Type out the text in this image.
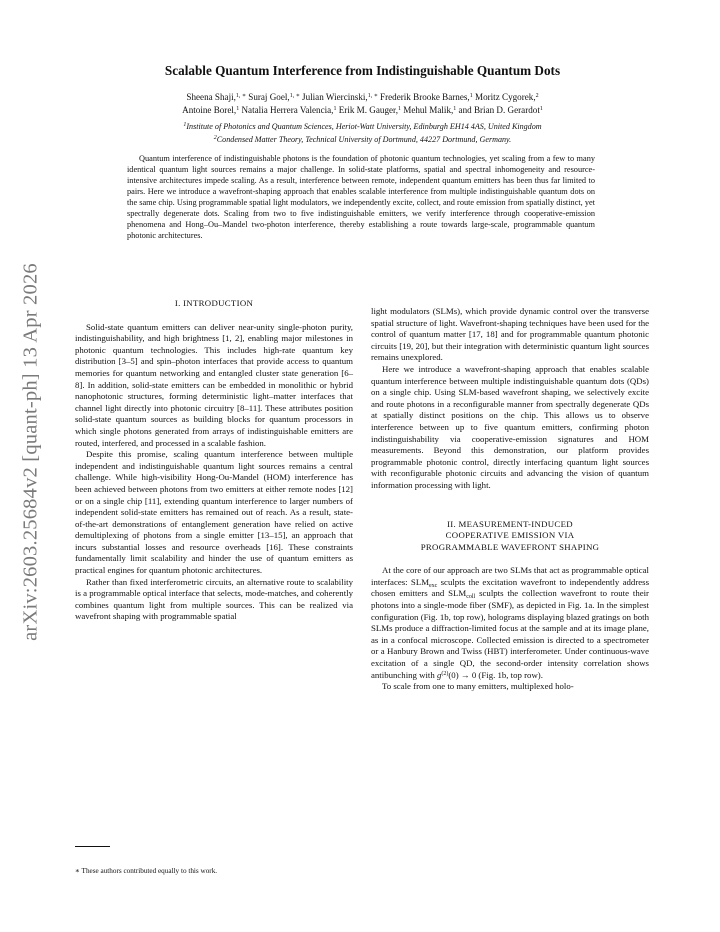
arXiv:2603.25684v2 [quant-ph] 13 Apr 2026
Scalable Quantum Interference from Indistinguishable Quantum Dots
Sheena Shaji,$^{1, ∗}$ Suraj Goel,$^{1, ∗}$ Julian Wiercinski,$^{1, ∗}$ Frederik Brooke Barnes,$^1$ Moritz Cygorek,$^2$
Antoine Borel,$^1$ Natalia Herrera Valencia,$^1$ Erik M. Gauger,$^1$ Mehul Malik,$^1$ and Brian D. Gerardot$^1$
$^1$Institute of Photonics and Quantum Sciences, Heriot-Watt University, Edinburgh EH14 4AS, United Kingdom
$^2$Condensed Matter Theory, Technical University of Dortmund, 44227 Dortmund, Germany.

Quantum interference of indistinguishable photons is the foundation of photonic quantum technologies, yet scaling from a few to many identical quantum light sources remains a major challenge. In solid-state platforms, spatial and spectral inhomogeneity and resource-intensive architectures impede scaling. As a result, interference between remote, independent quantum emitters has been thus far limited to pairs. Here we introduce a wavefront-shaping approach that enables scalable interference from multiple indistinguishable quantum dots on the same chip. Using programmable spatial light modulators, we independently excite, collect, and route emission from spatially distinct, yet spectrally degenerate dots. Scaling from two to five indistinguishable emitters, we verify interference through cooperative-emission phenomena and Hong–Ou–Mandel two-photon interference, thereby establishing a route towards large-scale, programmable quantum photonic architectures.

I. INTRODUCTION

Solid-state quantum emitters can deliver near-unity single-photon purity, indistinguishability, and high brightness [1, 2], enabling major milestones in photonic quantum technologies. This includes high-rate quantum key distribution [3–5] and spin–photon interfaces that provide access to quantum memories for quantum networking and entangled cluster state generation [6–8]. In addition, solid-state emitters can be embedded in monolithic or hybrid nanophotonic structures, forming deterministic light–matter interfaces that channel light directly into photonic circuitry [8–11]. These attributes position solid-state quantum sources as building blocks for quantum processors in which single photons generated from arrays of indistinguishable emitters are routed, interfered, and processed in a scalable fashion.

Despite this promise, scaling quantum interference between multiple independent and indistinguishable quantum light sources remains a central challenge. While high-visibility Hong-Ou-Mandel (HOM) interference has been achieved between photons from two emitters at either remote nodes [12] or on a single chip [11], extending quantum interference to larger numbers of independent solid-state emitters has remained out of reach. As a result, state-of-the-art demonstrations of entanglement generation have relied on active demultiplexing of photons from a single emitter [13–15], an approach that incurs substantial losses and resource overheads [16]. These constraints fundamentally limit scalability and hinder the use of quantum emitters as practical engines for quantum photonic architectures.

Rather than fixed interferometric circuits, an alternative route to scalability is a programmable optical interface that selects, mode-matches, and coherently combines quantum light from multiple sources. This can be realized via wavefront shaping with programmable spatial

light modulators (SLMs), which provide dynamic control over the transverse spatial structure of light. Wavefront-shaping techniques have been used for the control of quantum matter [17, 18] and for programmable quantum photonic circuits [19, 20], but their integration with deterministic quantum light sources remains unexplored.

Here we introduce a wavefront-shaping approach that enables scalable quantum interference between multiple indistinguishable quantum dots (QDs) on a single chip. Using SLM-based wavefront shaping, we selectively excite and route photons in a reconfigurable manner from spectrally degenerate QDs at spatially distinct positions on the chip. This allows us to observe interference between up to five quantum emitters, confirming photon indistinguishability via cooperative-emission signatures and HOM measurements. Beyond this demonstration, our platform provides programmable photonic control, directly interfacing quantum light sources with reconfigurable photonic circuits and advancing the vision of quantum information processing with light.

II. MEASUREMENT-INDUCED
COOPERATIVE EMISSION VIA
PROGRAMMABLE WAVEFRONT SHAPING

At the core of our approach are two SLMs that act as programmable optical interfaces: $SLM_{exc}$ sculpts the excitation wavefront to independently address chosen emitters and $SLM_{coll}$ sculpts the collection wavefront to route their photons into a single-mode fiber (SMF), as depicted in Fig. 1a. In the simplest configuration (Fig. 1b, top row), holograms displaying blazed gratings on both SLMs produce a diffraction-limited focus at the sample and at its image plane, as in a confocal microscope. Collected emission is directed to a spectrometer or a Hanbury Brown and Twiss (HBT) interferometer. Under continuous-wave excitation of a single QD, the second-order intensity correlation shows antibunching with $g^{(2)}(0) \to 0$ (Fig. 1b, top row).

To scale from one to many emitters, multiplexed holo-

∗ These authors contributed equally to this work.
